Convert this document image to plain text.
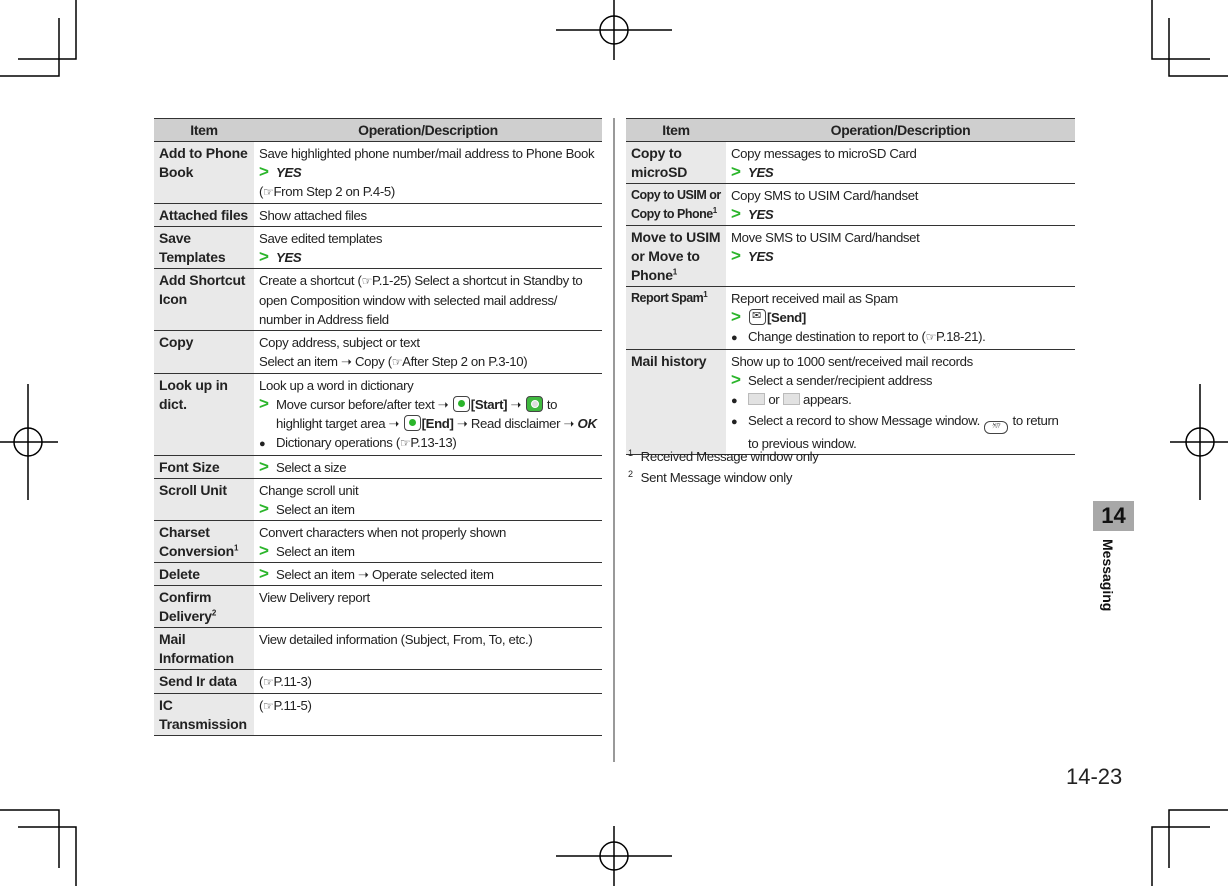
Item	Operation/Description
Add to Phone Book	Save highlighted phone number/mail address to Phone Book
> YES
(☞From Step 2 on P.4-5)

Attached files	Show attached files

Save Templates	Save edited templates
> YES

Add Shortcut Icon	Create a shortcut (☞P.1-25) Select a shortcut in Standby to open Composition window with selected mail address/ number in Address field

Copy	Copy address, subject or text
Select an item ➝ Copy (☞After Step 2 on P.3-10)

Look up in dict.	Look up a word in dictionary
> Move cursor before/after text ➝ [Start] ➝  to highlight target area ➝ [End] ➝ Read disclaimer ➝ OK
● Dictionary operations (☞P.13-13)

Font Size	> Select a size

Scroll Unit	Change scroll unit
> Select an item

Charset Conversion$^1$	Convert characters when not properly shown
> Select an item

Delete	> Select an item ➝ Operate selected item

Confirm Delivery$^2$	View Delivery report

Mail Information	View detailed information (Subject, From, To, etc.)

Send Ir data	(☞P.11-3)

IC Transmission	(☞P.11-5)
Item	Operation/Description
Copy to microSD	Copy messages to microSD Card
> YES

Copy to USIM or Copy to Phone$^1$	Copy SMS to USIM Card/handset
> YES

Move to USIM or Move to Phone$^1$	Move SMS to USIM Card/handset
> YES

Report Spam$^1$	Report received mail as Spam
> ✉ [Send]
● Change destination to report to (☞P.18-21).

Mail history	Show up to 1000 sent/received mail records
> Select a sender/recipient address
● or  appears.
● Select a record to show Message window. ｸﾘｱ to return to previous window.
$^1$ Received Message window only
$^2$ Sent Message window only
14
Messaging
14-23
